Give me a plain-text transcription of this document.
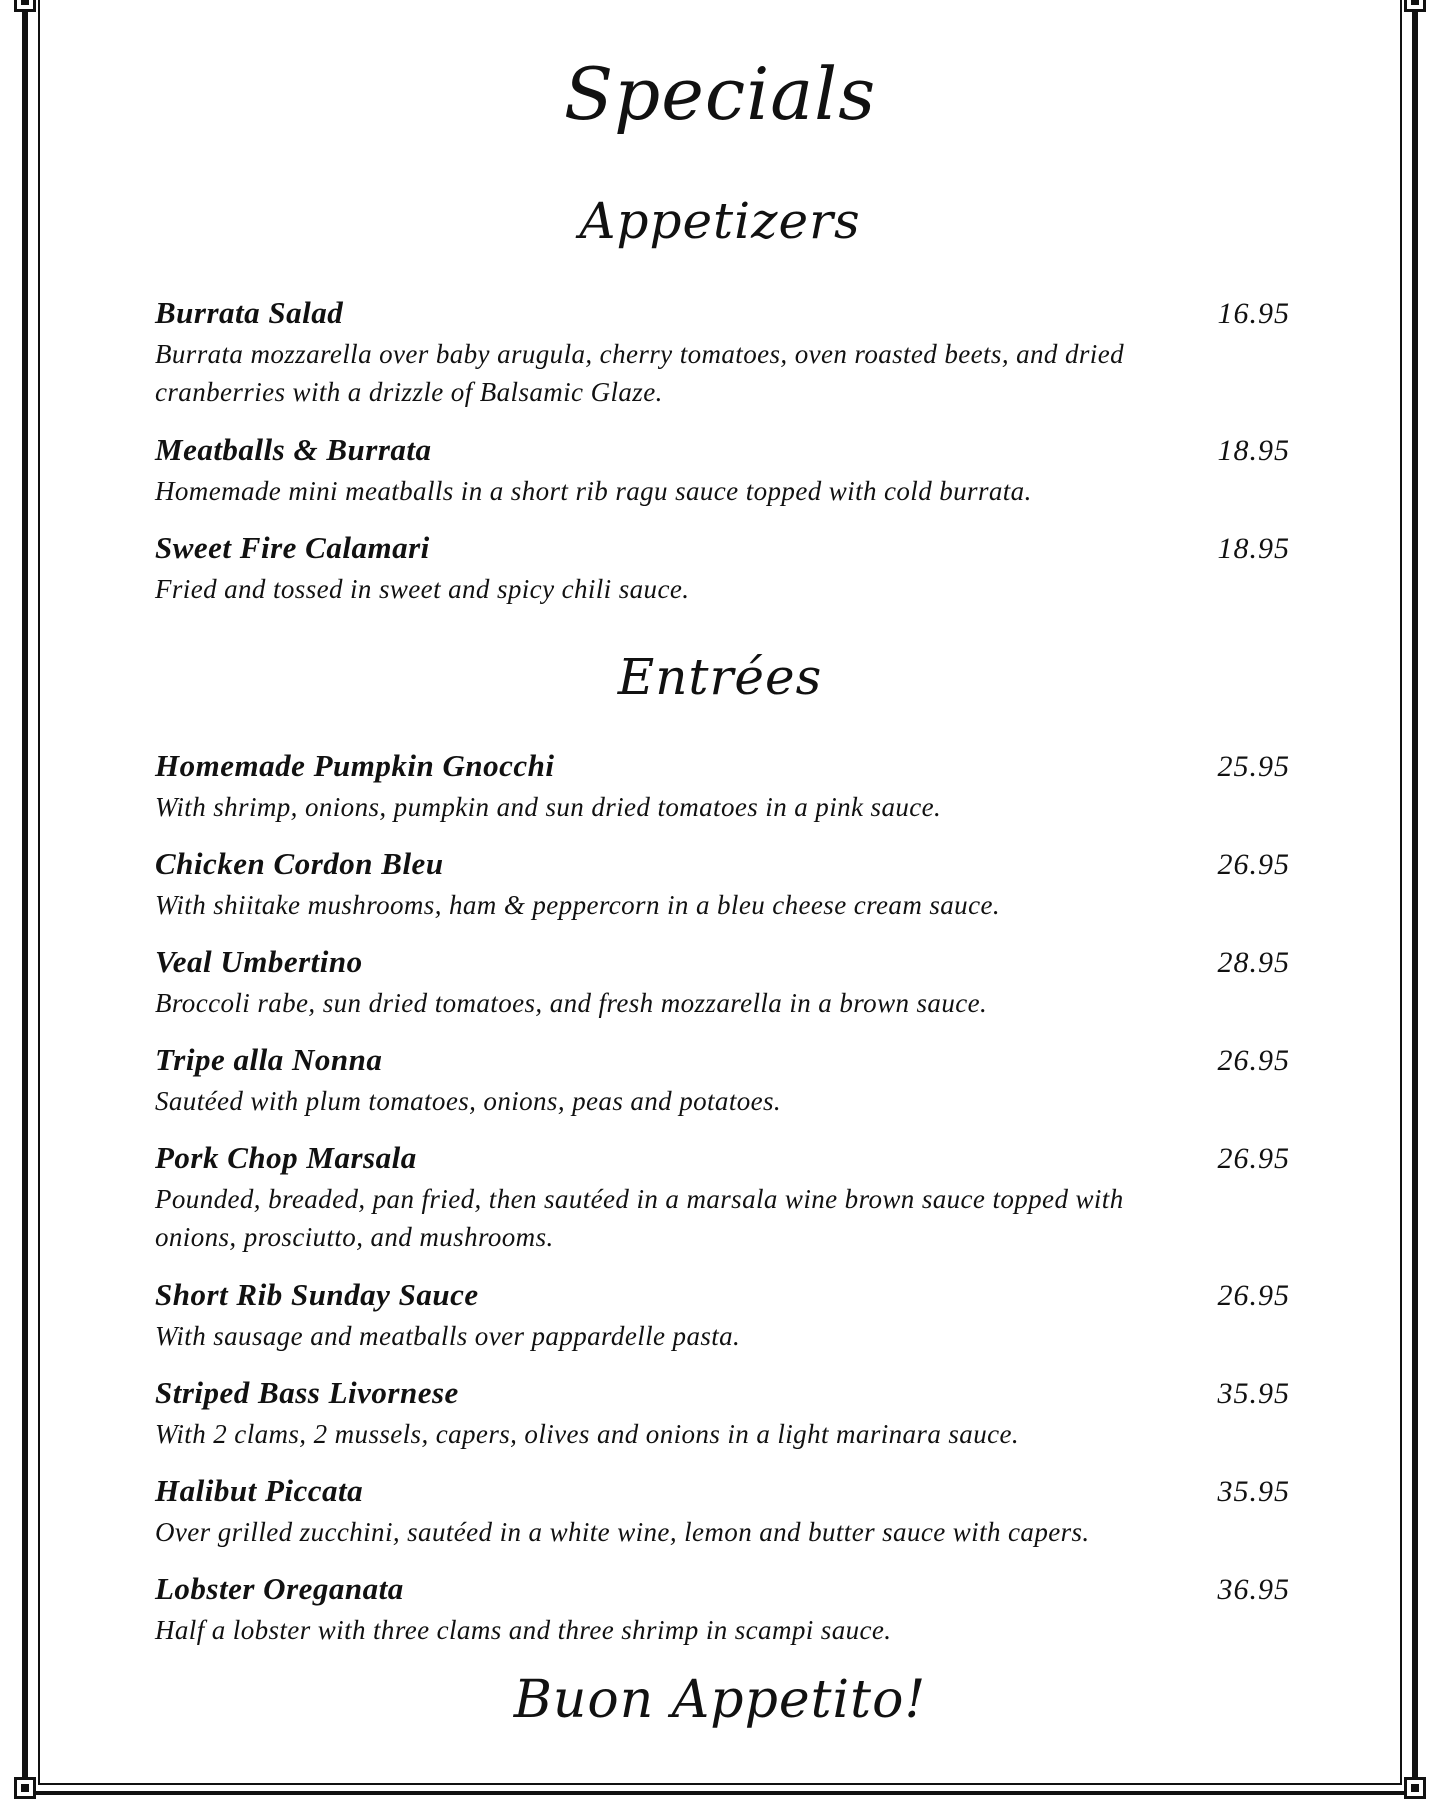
Specials
Appetizers
Burrata Salad	16.95
Burrata mozzarella over baby arugula, cherry tomatoes, oven roasted beets, and dried cranberries with a drizzle of Balsamic Glaze.
Meatballs & Burrata	18.95
Homemade mini meatballs in a short rib ragu sauce topped with cold burrata.
Sweet Fire Calamari	18.95
Fried and tossed in sweet and spicy chili sauce.
Entrées
Homemade Pumpkin Gnocchi	25.95
With shrimp, onions, pumpkin and sun dried tomatoes in a pink sauce.
Chicken Cordon Bleu	26.95
With shiitake mushrooms, ham & peppercorn in a bleu cheese cream sauce.
Veal Umbertino	28.95
Broccoli rabe, sun dried tomatoes, and fresh mozzarella in a brown sauce.
Tripe alla Nonna	26.95
Sautéed with plum tomatoes, onions, peas and potatoes.
Pork Chop Marsala	26.95
Pounded, breaded, pan fried, then sautéed in a marsala wine brown sauce topped with onions, prosciutto, and mushrooms.
Short Rib Sunday Sauce	26.95
With sausage and meatballs over pappardelle pasta.
Striped Bass Livornese	35.95
With 2 clams, 2 mussels, capers, olives and onions in a light marinara sauce.
Halibut Piccata	35.95
Over grilled zucchini, sautéed in a white wine, lemon and butter sauce with capers.
Lobster Oreganata	36.95
Half a lobster with three clams and three shrimp in scampi sauce.
Buon Appetito!
